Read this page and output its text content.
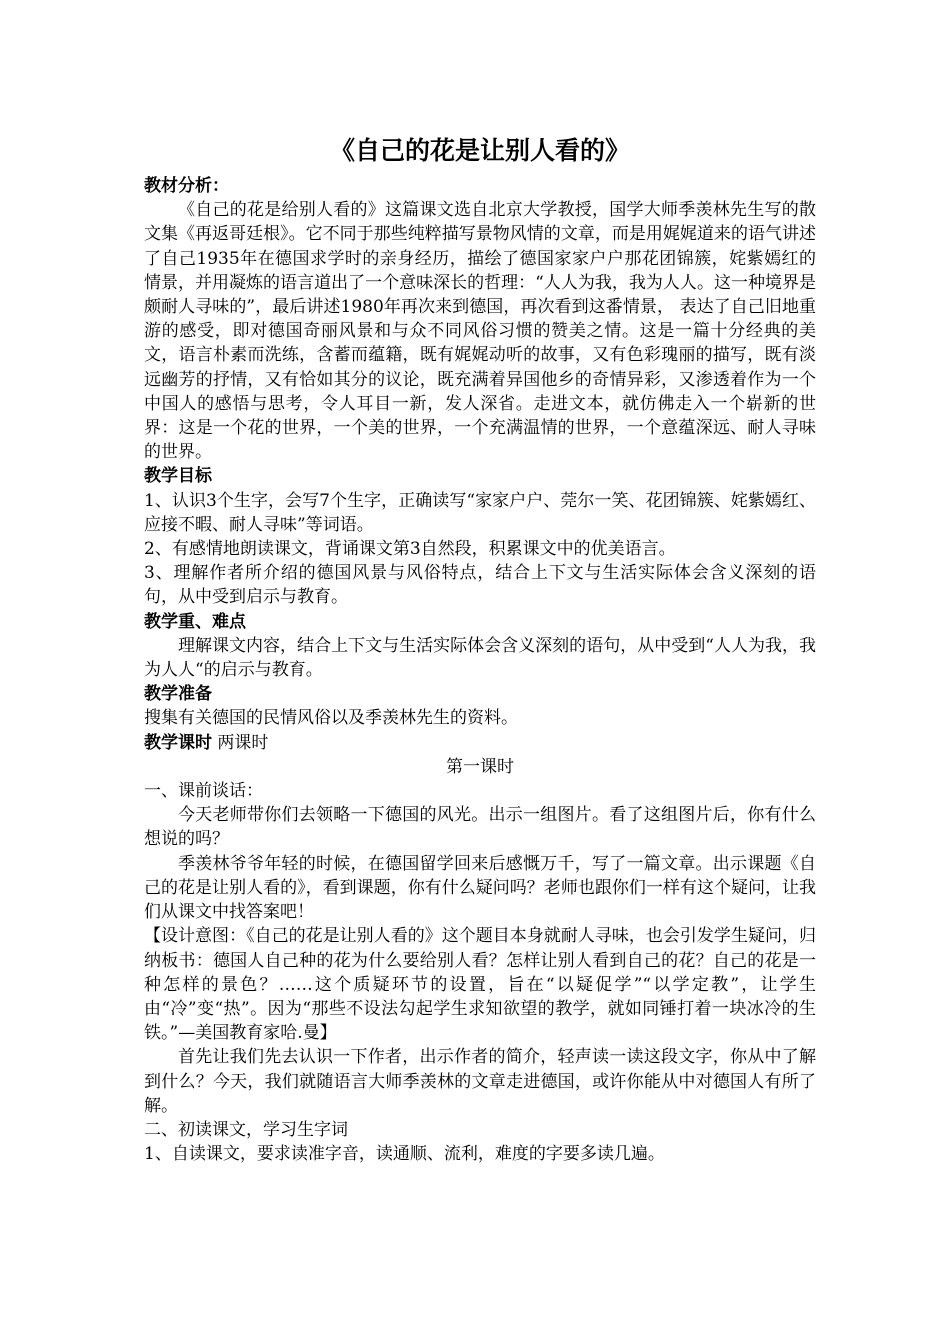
《自己的花是让别人看的》

教材分析：

《自己的花是给别人看的》这篇课文选自北京大学教授，国学大师季羡林先生写的散文集《再返哥廷根》。它不同于那些纯粹描写景物风情的文章，而是用娓娓道来的语气讲述了自己1935年在德国求学时的亲身经历，描绘了德国家家户户那花团锦簇，姹紫嫣红的情景，并用凝炼的语言道出了一个意味深长的哲理：“人人为我，我为人人。这一种境界是颇耐人寻味的”，最后讲述1980年再次来到德国，再次看到这番情景， 表达了自己旧地重游的感受，即对德国奇丽风景和与众不同风俗习惯的赞美之情。这是一篇十分经典的美文，语言朴素而洗练，含蓄而蕴籍，既有娓娓动听的故事，又有色彩瑰丽的描写，既有淡远幽芳的抒情，又有恰如其分的议论，既充满着异国他乡的奇情异彩，又渗透着作为一个中国人的感悟与思考，令人耳目一新，发人深省。走进文本，就仿佛走入一个崭新的世界：这是一个花的世界，一个美的世界，一个充满温情的世界，一个意蕴深远、耐人寻味的世界。

教学目标

1、认识3个生字，会写7个生字，正确读写“家家户户、莞尔一笑、花团锦簇、姹紫嫣红、应接不暇、耐人寻味”等词语。

2、有感情地朗读课文，背诵课文第3自然段，积累课文中的优美语言。

3、理解作者所介绍的德国风景与风俗特点，结合上下文与生活实际体会含义深刻的语句，从中受到启示与教育。

教学重、难点

理解课文内容，结合上下文与生活实际体会含义深刻的语句，从中受到“人人为我，我为人人“的启示与教育。

教学准备

搜集有关德国的民情风俗以及季羡林先生的资料。

教学课时 两课时

第一课时

一、课前谈话：

今天老师带你们去领略一下德国的风光。出示一组图片。看了这组图片后，你有什么想说的吗？

季羡林爷爷年轻的时候，在德国留学回来后感慨万千，写了一篇文章。出示课题《自己的花是让别人看的》，看到课题，你有什么疑问吗？老师也跟你们一样有这个疑问，让我们从课文中找答案吧！

【设计意图：《自己的花是让别人看的》这个题目本身就耐人寻味，也会引发学生疑问，归纳板书：德国人自己种的花为什么要给别人看？怎样让别人看到自己的花？自己的花是一种怎样的景色？……这个质疑环节的设置，旨在“以疑促学”“以学定教”，让学生由“冷”变“热”。因为“那些不设法勾起学生求知欲望的教学，就如同锤打着一块冰冷的生铁。”—美国教育家哈.曼】

首先让我们先去认识一下作者，出示作者的简介，轻声读一读这段文字，你从中了解到什么？今天，我们就随语言大师季羡林的文章走进德国，或许你能从中对德国人有所了解。

二、初读课文，学习生字词

1、自读课文，要求读准字音，读通顺、流利，难度的字要多读几遍。
